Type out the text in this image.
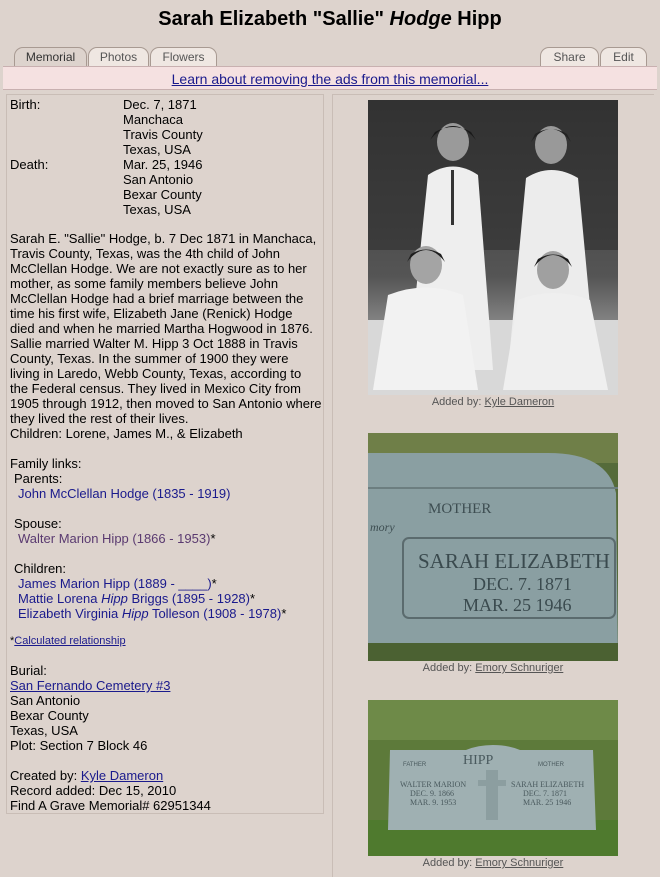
Sarah Elizabeth "Sallie" Hodge Hipp
Memorial	Photos	Flowers	Share	Edit
Learn about removing the ads from this memorial...
Birth:	Dec. 7, 1871
Manchaca
Travis County
Texas, USA
Death:	Mar. 25, 1946
San Antonio
Bexar County
Texas, USA
Sarah E. "Sallie" Hodge, b. 7 Dec 1871 in Manchaca,
Travis County, Texas, was the 4th child of John
McClellan Hodge. We are not exactly sure as to her
mother, as some family members believe John
McClellan Hodge had a brief marriage between the
time his first wife, Elizabeth Jane (Renick) Hodge
died and when he married Martha Hogwood in 1876.
Sallie married Walter M. Hipp 3 Oct 1888 in Travis
County, Texas. In the summer of 1900 they were
living in Laredo, Webb County, Texas, according to
the Federal census. They lived in Mexico City from
1905 through 1912, then moved to San Antonio where
they lived the rest of their lives.
Children: Lorene, James M., & Elizabeth
Family links:
Parents:
John McClellan Hodge (1835 - 1919)
Spouse:
Walter Marion Hipp (1866 - 1953)*
Children:
James Marion Hipp (1889 - ____)*
Mattie Lorena Hipp Briggs (1895 - 1928)*
Elizabeth Virginia Hipp Tolleson (1908 - 1978)*
*Calculated relationship
Burial:
San Fernando Cemetery #3
San Antonio
Bexar County
Texas, USA
Plot: Section 7 Block 46
Created by: Kyle Dameron
Record added: Dec 15, 2010
Find A Grave Memorial# 62951344
Added by: Kyle Dameron
MOTHER
mory
SARAH ELIZABETH
DEC. 7. 1871
MAR. 25 1946
Added by: Emory Schnuriger
HIPP
FATHER	MOTHER
WALTER MARION
DEC. 9. 1866
MAR. 9. 1953
SARAH ELIZABETH
DEC. 7. 1871
MAR. 25 1946
Added by: Emory Schnuriger
